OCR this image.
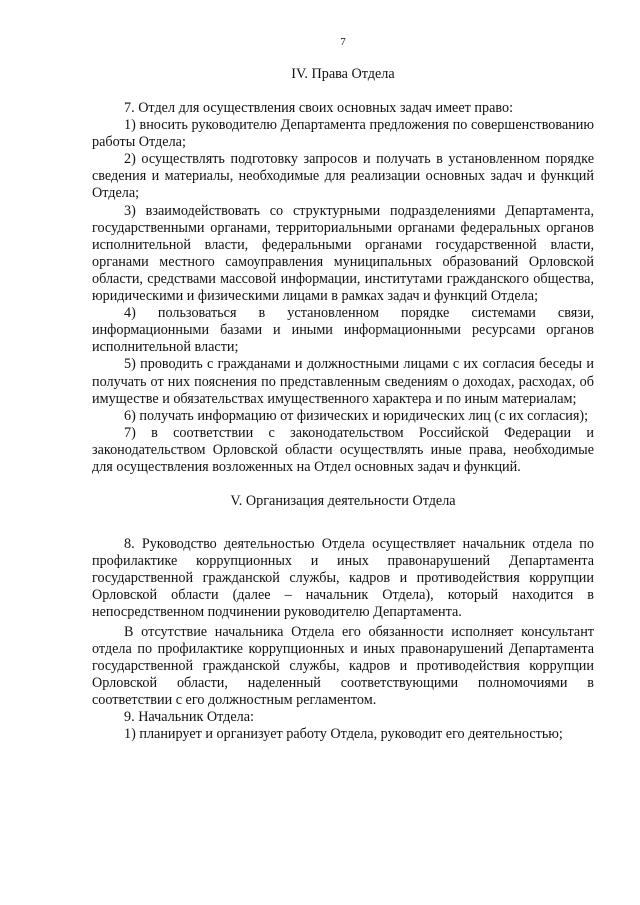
7
IV. Права Отдела

7. Отдел для осуществления своих основных задач имеет право:

1) вносить руководителю Департамента предложения по совершенствованию работы Отдела;

2) осуществлять подготовку запросов и получать в установленном порядке сведения и материалы, необходимые для реализации основных задач и функций Отдела;

3) взаимодействовать со структурными подразделениями Департамента, государственными органами, территориальными органами федеральных органов исполнительной власти, федеральными органами государственной власти, органами местного самоуправления муниципальных образований Орловской области, средствами массовой информации, институтами гражданского общества, юридическими и физическими лицами в рамках задач и функций Отдела;

4) пользоваться в установленном порядке системами связи, информационными базами и иными информационными ресурсами органов исполнительной власти;

5) проводить с гражданами и должностными лицами с их согласия беседы и получать от них пояснения по представленным сведениям о доходах, расходах, об имуществе и обязательствах имущественного характера и по иным материалам;

6) получать информацию от физических и юридических лиц (с их согласия);

7) в соответствии с законодательством Российской Федерации и законодательством Орловской области осуществлять иные права, необходимые для осуществления возложенных на Отдел основных задач и функций.

V. Организация деятельности Отдела

8. Руководство деятельностью Отдела осуществляет начальник отдела по профилактике коррупционных и иных правонарушений Департамента государственной гражданской службы, кадров и противодействия коррупции Орловской области (далее – начальник Отдела), который находится в непосредственном подчинении руководителю Департамента.

В отсутствие начальника Отдела его обязанности исполняет консультант отдела по профилактике коррупционных и иных правонарушений Департамента государственной гражданской службы, кадров и противодействия коррупции Орловской области, наделенный соответствующими полномочиями в соответствии с его должностным регламентом.

9. Начальник Отдела:

1) планирует и организует работу Отдела, руководит его деятельностью;
